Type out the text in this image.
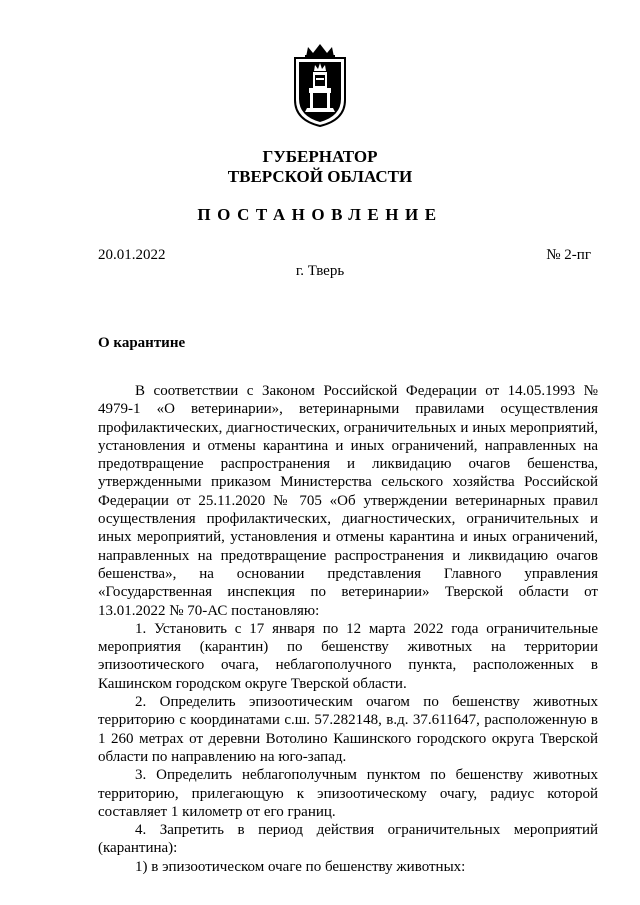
ГУБЕРНАТОР
ТВЕРСКОЙ ОБЛАСТИ
ПОСТАНОВЛЕНИЕ
20.01.2022	№ 2-пг
г. Тверь
О карантине

В соответствии с Законом Российской Федерации от 14.05.1993 № 4979-1 «О ветеринарии», ветеринарными правилами осуществления профилактических, диагностических, ограничительных и иных мероприятий, установления и отмены карантина и иных ограничений, направленных на предотвращение распространения и ликвидацию очагов бешенства, утвержденными приказом Министерства сельского хозяйства Российской Федерации от 25.11.2020 № 705 «Об утверждении ветеринарных правил осуществления профилактических, диагностических, ограничительных и иных мероприятий, установления и отмены карантина и иных ограничений, направленных на предотвращение распространения и ликвидацию очагов бешенства», на основании представления Главного управления «Государственная инспекция по ветеринарии» Тверской области от 13.01.2022 № 70-АС постановляю:

1. Установить с 17 января по 12 марта 2022 года ограничительные мероприятия (карантин) по бешенству животных на территории эпизоотического очага, неблагополучного пункта, расположенных в Кашинском городском округе Тверской области.

2. Определить эпизоотическим очагом по бешенству животных территорию с координатами с.ш. 57.282148, в.д. 37.611647, расположенную в 1 260 метрах от деревни Вотолино Кашинского городского округа Тверской области по направлению на юго-запад.

3. Определить неблагополучным пунктом по бешенству животных территорию, прилегающую к эпизоотическому очагу, радиус которой составляет 1 километр от его границ.

4. Запретить в период действия ограничительных мероприятий (карантина):

1) в эпизоотическом очаге по бешенству животных:
